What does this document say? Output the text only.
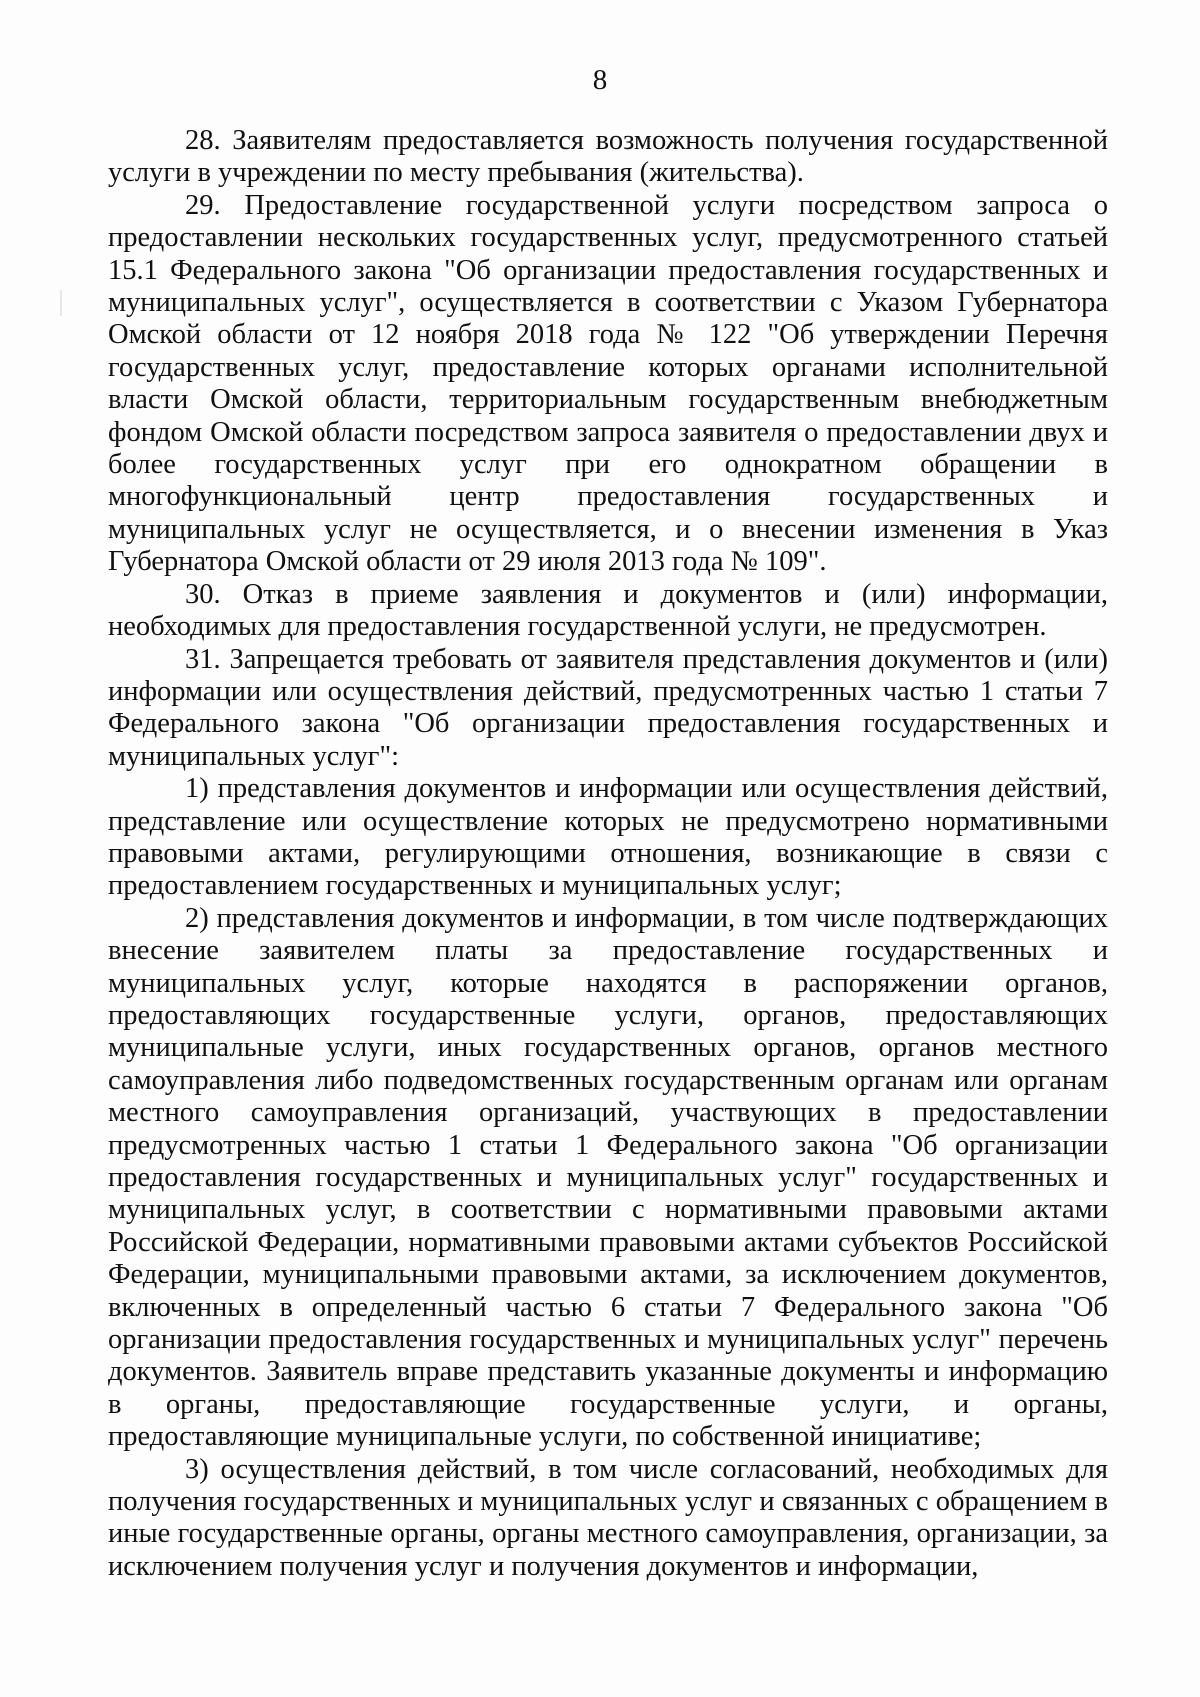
8

28. Заявителям предоставляется возможность получения государственной услуги в учреждении по месту пребывания (жительства).

29. Предоставление государственной услуги посредством запроса о предоставлении нескольких государственных услуг, предусмотренного статьей 15.1 Федерального закона "Об организации предоставления государственных и муниципальных услуг", осуществляется в соответствии с Указом Губернатора Омской области от 12 ноября 2018 года № 122 "Об утверждении Перечня государственных услуг, предоставление которых органами исполнительной власти Омской области, территориальным государственным внебюджетным фондом Омской области посредством запроса заявителя о предоставлении двух и более государственных услуг при его однократном обращении в многофункциональный центр предоставления государственных и муниципальных услуг не осуществляется, и о внесении изменения в Указ Губернатора Омской области от 29 июля 2013 года № 109".

30. Отказ в приеме заявления и документов и (или) информации, необходимых для предоставления государственной услуги, не предусмотрен.

31. Запрещается требовать от заявителя представления документов и (или) информации или осуществления действий, предусмотренных частью 1 статьи 7 Федерального закона "Об организации предоставления государственных и муниципальных услуг":

1) представления документов и информации или осуществления действий, представление или осуществление которых не предусмотрено нормативными правовыми актами, регулирующими отношения, возникающие в связи с предоставлением государственных и муниципальных услуг;

2) представления документов и информации, в том числе подтверждающих внесение заявителем платы за предоставление государственных и муниципальных услуг, которые находятся в распоряжении органов, предоставляющих государственные услуги, органов, предоставляющих муниципальные услуги, иных государственных органов, органов местного самоуправления либо подведомственных государственным органам или органам местного самоуправления организаций, участвующих в предоставлении предусмотренных частью 1 статьи 1 Федерального закона "Об организации предоставления государственных и муниципальных услуг" государственных и муниципальных услуг, в соответствии с нормативными правовыми актами Российской Федерации, нормативными правовыми актами субъектов Российской Федерации, муниципальными правовыми актами, за исключением документов, включенных в определенный частью 6 статьи 7 Федерального закона "Об организации предоставления государственных и муниципальных услуг" перечень документов. Заявитель вправе представить указанные документы и информацию в органы, предоставляющие государственные услуги, и органы, предоставляющие муниципальные услуги, по собственной инициативе;

3) осуществления действий, в том числе согласований, необходимых для получения государственных и муниципальных услуг и связанных с обращением в иные государственные органы, органы местного самоуправления, организации, за исключением получения услуг и получения документов и информации,
